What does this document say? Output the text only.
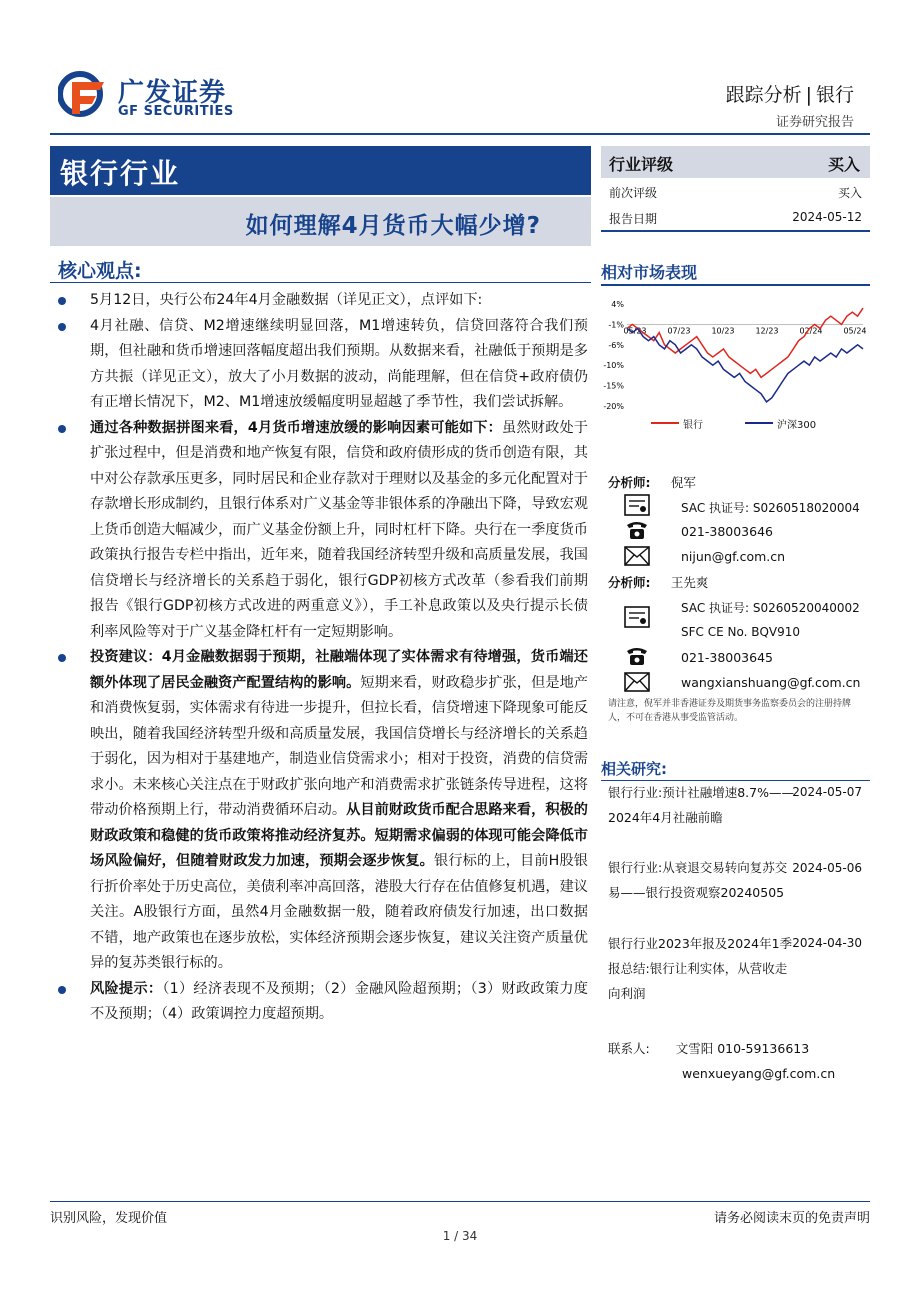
广发证券
GF SECURITIES
跟踪分析 | 银行
证券研究报告
银行行业
如何理解4月货币大幅少增?
行业评级	买入
前次评级	买入
报告日期	2024-05-12
核心观点:
5月12日，央行公布24年4月金融数据（详见正文），点评如下:
4月社融、信贷、M2增速继续明显回落，M1增速转负，信贷回落符合我们预期，但社融和货币增速回落幅度超出我们预期。从数据来看，社融低于预期是多方共振（详见正文），放大了小月数据的波动，尚能理解，但在信贷+政府债仍有正增长情况下，M2、M1增速放缓幅度明显超越了季节性，我们尝试拆解。
通过各种数据拼图来看，4月货币增速放缓的影响因素可能如下：虽然财政处于扩张过程中，但是消费和地产恢复有限，信贷和政府债形成的货币创造有限，其中对公存款承压更多，同时居民和企业存款对于理财以及基金的多元化配置对于存款增长形成制约，且银行体系对广义基金等非银体系的净融出下降，导致宏观上货币创造大幅减少，而广义基金份额上升，同时杠杆下降。央行在一季度货币政策执行报告专栏中指出，近年来，随着我国经济转型升级和高质量发展，我国信贷增长与经济增长的关系趋于弱化，银行GDP初核方式改革（参看我们前期报告《银行GDP初核方式改进的两重意义》），手工补息政策以及央行提示长债利率风险等对于广义基金降杠杆有一定短期影响。
投资建议：4月金融数据弱于预期，社融端体现了实体需求有待增强，货币端还额外体现了居民金融资产配置结构的影响。短期来看，财政稳步扩张，但是地产和消费恢复弱，实体需求有待进一步提升，但拉长看，信贷增速下降现象可能反映出，随着我国经济转型升级和高质量发展，我国信贷增长与经济增长的关系趋于弱化，因为相对于基建地产，制造业信贷需求小；相对于投资，消费的信贷需求小。未来核心关注点在于财政扩张向地产和消费需求扩张链条传导进程，这将带动价格预期上行，带动消费循环启动。从目前财政货币配合思路来看，积极的财政政策和稳健的货币政策将推动经济复苏。短期需求偏弱的体现可能会降低市场风险偏好，但随着财政发力加速，预期会逐步恢复。银行标的上，目前H股银行折价率处于历史高位，美债利率冲高回落，港股大行存在估值修复机遇，建议关注。A股银行方面，虽然4月金融数据一般，随着政府债发行加速，出口数据不错，地产政策也在逐步放松，实体经济预期会逐步恢复，建议关注资产质量优异的复苏类银行标的。
风险提示：（1）经济表现不及预期；（2）金融风险超预期；（3）财政政策力度不及预期；（4）政策调控力度超预期。
相对市场表现
4%
-1%
-6%
-10%
-15%
-20%
05/23	07/23	10/23	12/23	02/24	05/24
银行	沪深300
分析师: 倪军
SAC 执证号: S0260518020004
021-38003646
nijun@gf.com.cn
分析师: 王先爽
SAC 执证号: S0260520040002
SFC CE No. BQV910
021-38003645
wangxianshuang@gf.com.cn
请注意，倪军并非香港证券及期货事务监察委员会的注册持牌人，不可在香港从事受监管活动。
相关研究:
银行行业:预计社融增速8.7%——2024年4月社融前瞻
2024-05-07
银行行业:从衰退交易转向复苏交易——银行投资观察20240505
2024-05-06
银行行业2023年报及2024年1季报总结:银行让利实体，从营收走向利润
2024-04-30
联系人: 文雪阳 010-59136613
wenxueyang@gf.com.cn
识别风险，发现价值	请务必阅读末页的免责声明
1 / 34
